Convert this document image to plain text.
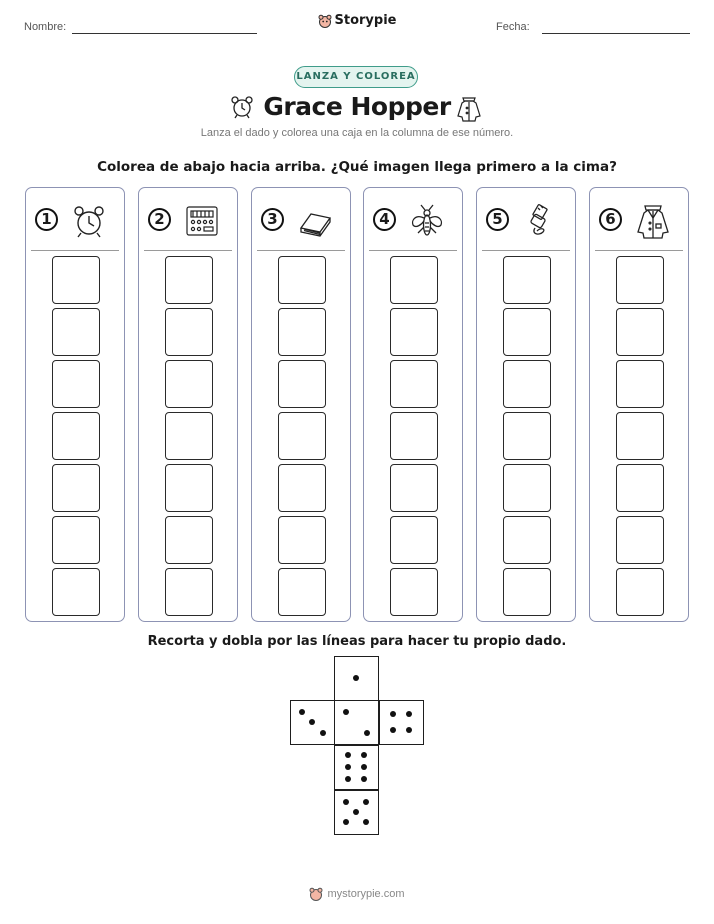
Nombre:	Storypie	Fecha:
LANZA Y COLOREA
Grace Hopper
Lanza el dado y colorea una caja en la columna de ese número.
Colorea de abajo hacia arriba. ¿Qué imagen llega primero a la cima?
1	2	3	4	5	6
Recorta y dobla por las líneas para hacer tu propio dado.
mystorypie.com
